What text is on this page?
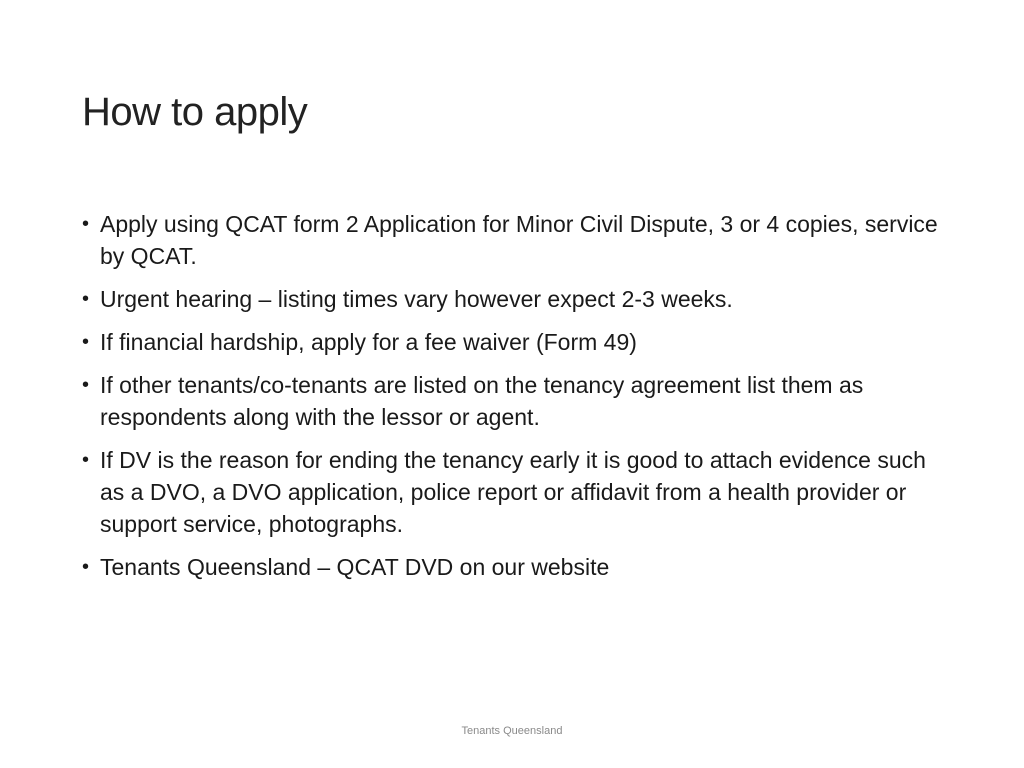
How to apply
• Apply using QCAT form 2 Application for Minor Civil Dispute, 3 or 4 copies, service by QCAT.
• Urgent hearing – listing times vary however expect 2-3 weeks.
• If financial hardship, apply for a fee waiver (Form 49)
• If other tenants/co-tenants are listed on the tenancy agreement list them as respondents along with the lessor or agent.
• If DV is the reason for ending the tenancy early it is good to attach evidence such as a DVO, a DVO application, police report or affidavit from a health provider or support service, photographs.
• Tenants Queensland – QCAT DVD on our website
Tenants Queensland
